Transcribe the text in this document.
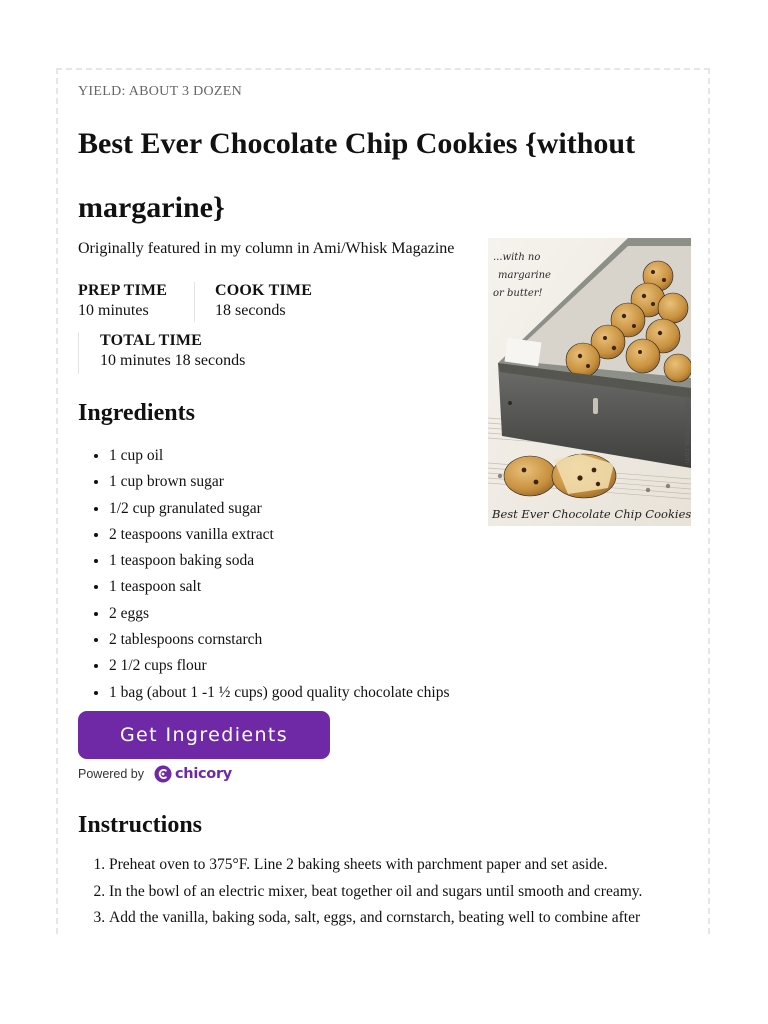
YIELD: ABOUT 3 DOZEN
Best Ever Chocolate Chip Cookies {without margarine}
Originally featured in my column in Ami/Whisk Magazine
PREP TIME
10 minutes
COOK TIME
18 seconds
TOTAL TIME
10 minutes 18 seconds
...with no margarine or butter!
Best Ever Chocolate Chip Cookies
overtimecook.com
Ingredients
• 1 cup oil
• 1 cup brown sugar
• 1/2 cup granulated sugar
• 2 teaspoons vanilla extract
• 1 teaspoon baking soda
• 1 teaspoon salt
• 2 eggs
• 2 tablespoons cornstarch
• 2 1/2 cups flour
• 1 bag (about 1 -1 ½ cups) good quality chocolate chips
Get Ingredients
Powered by chicory
Instructions
1. Preheat oven to 375°F. Line 2 baking sheets with parchment paper and set aside.
2. In the bowl of an electric mixer, beat together oil and sugars until smooth and creamy.
3. Add the vanilla, baking soda, salt, eggs, and cornstarch, beating well to combine after
